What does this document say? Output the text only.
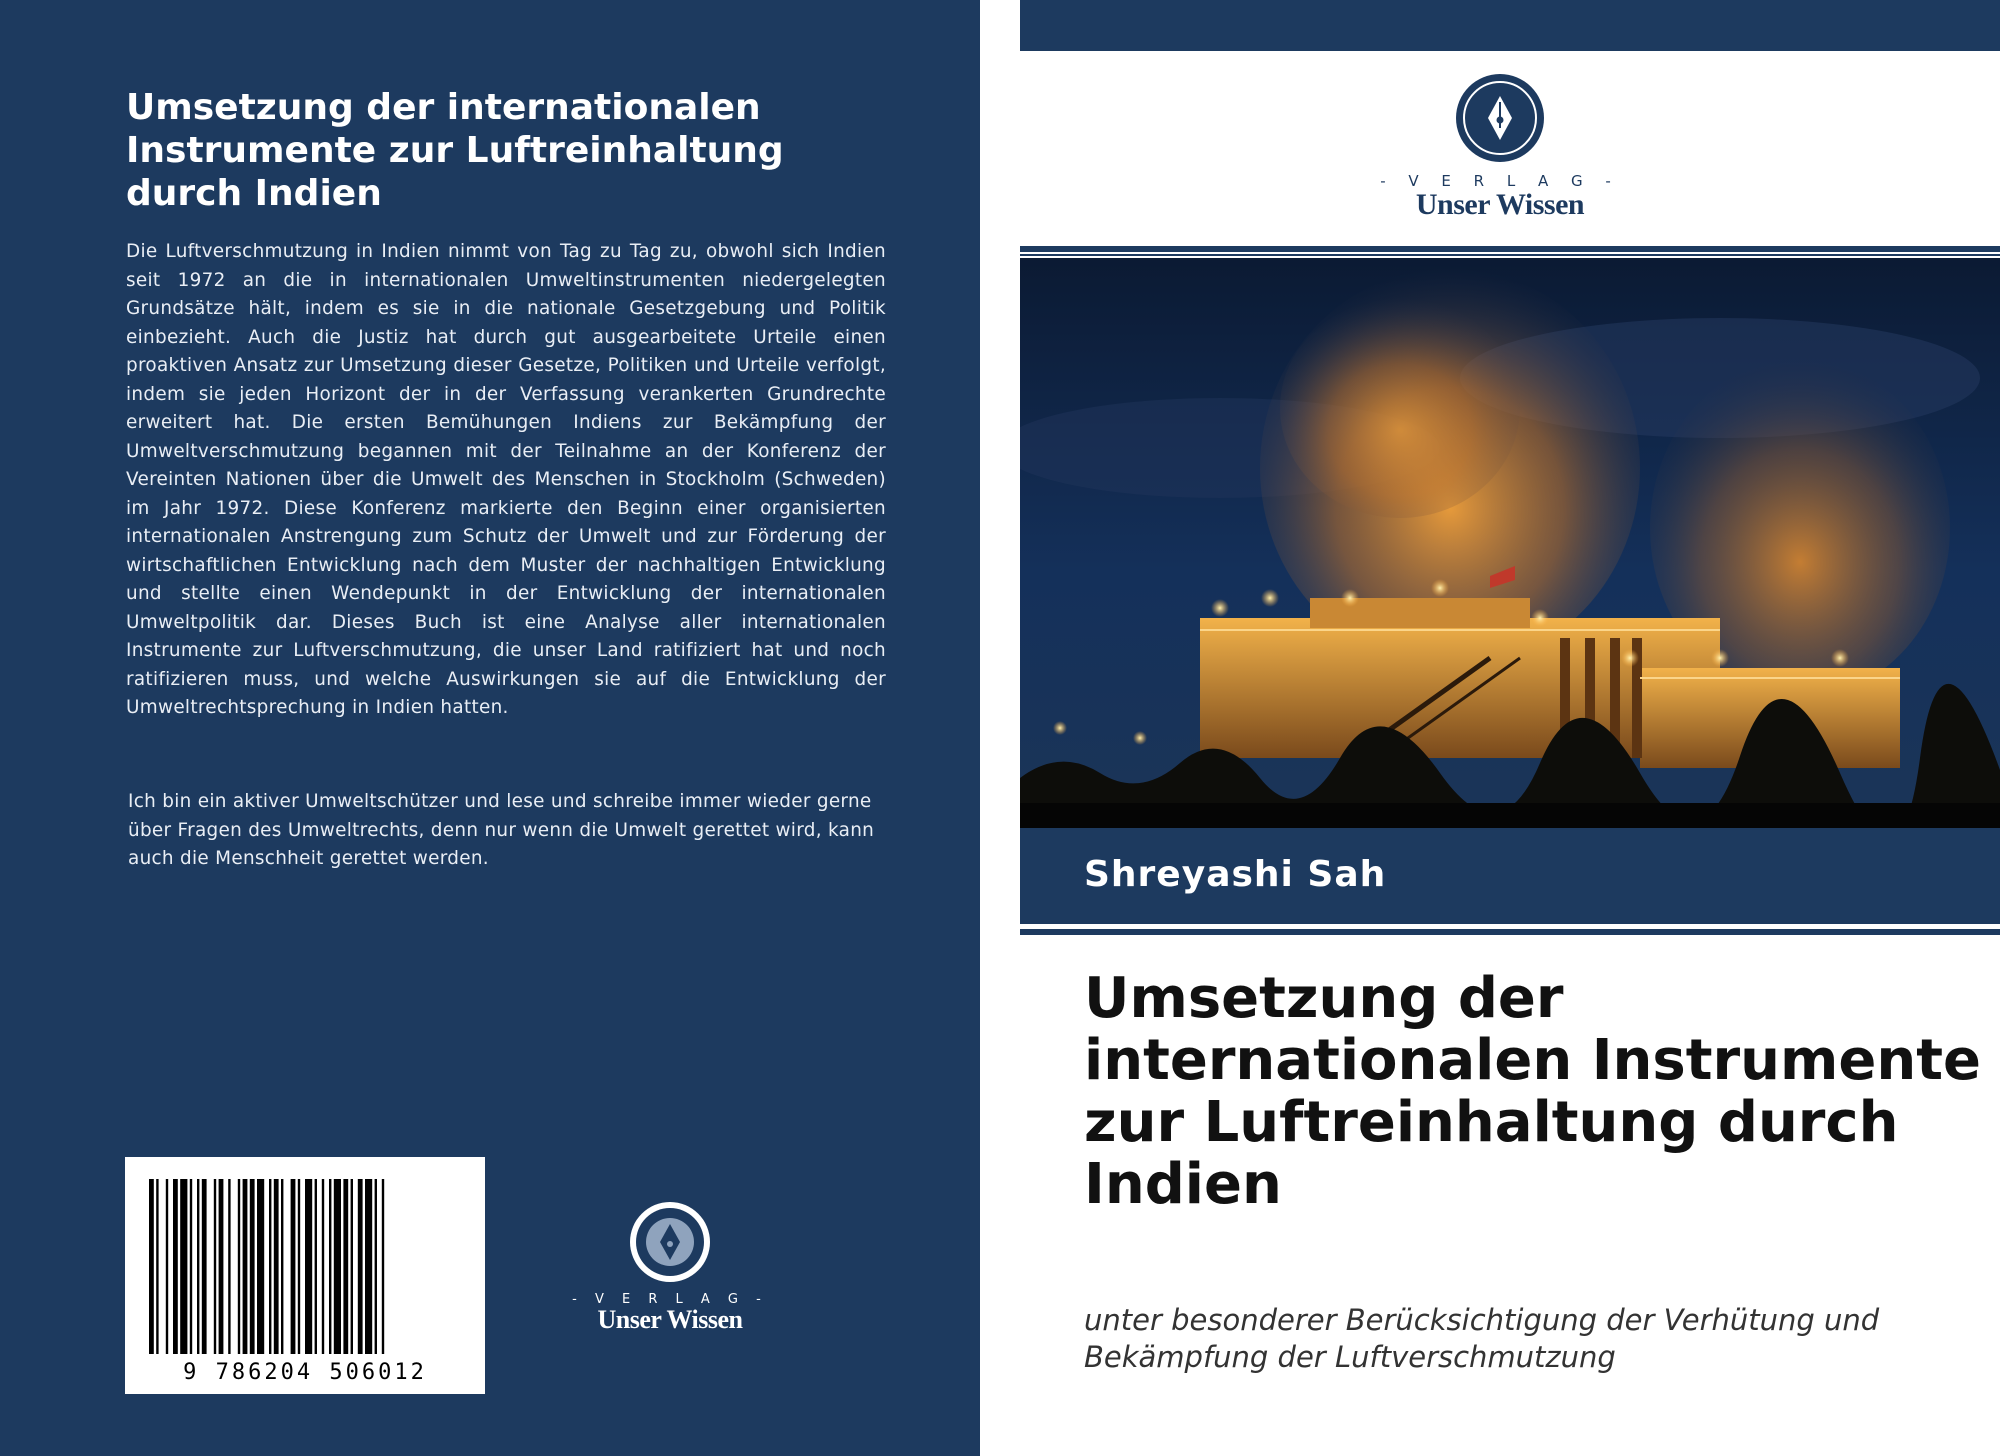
Umsetzung der internationalen Instrumente zur Luftreinhaltung durch Indien

Die Luftverschmutzung in Indien nimmt von Tag zu Tag zu, obwohl sich Indien seit 1972 an die in internationalen Umweltinstrumenten niedergelegten Grundsätze hält, indem es sie in die nationale Gesetzgebung und Politik einbezieht. Auch die Justiz hat durch gut ausgearbeitete Urteile einen proaktiven Ansatz zur Umsetzung dieser Gesetze, Politiken und Urteile verfolgt, indem sie jeden Horizont der in der Verfassung verankerten Grundrechte erweitert hat. Die ersten Bemühungen Indiens zur Bekämpfung der Umweltverschmutzung begannen mit der Teilnahme an der Konferenz der Vereinten Nationen über die Umwelt des Menschen in Stockholm (Schweden) im Jahr 1972. Diese Konferenz markierte den Beginn einer organisierten internationalen Anstrengung zum Schutz der Umwelt und zur Förderung der wirtschaftlichen Entwicklung nach dem Muster der nachhaltigen Entwicklung und stellte einen Wendepunkt in der Entwicklung der internationalen Umweltpolitik dar. Dieses Buch ist eine Analyse aller internationalen Instrumente zur Luftverschmutzung, die unser Land ratifiziert hat und noch ratifizieren muss, und welche Auswirkungen sie auf die Entwicklung der Umweltrechtsprechung in Indien hatten.

Ich bin ein aktiver Umweltschützer und lese und schreibe immer wieder gerne über Fragen des Umweltrechts, denn nur wenn die Umwelt gerettet wird, kann auch die Menschheit gerettet werden.

9 786204 506012
- V E R L A G -
Unser Wissen
- V E R L A G -
Unser Wissen

Shreyashi Sah

Umsetzung der internationalen Instrumente zur Luftreinhaltung durch Indien

unter besonderer Berücksichtigung der Verhütung und Bekämpfung der Luftverschmutzung
